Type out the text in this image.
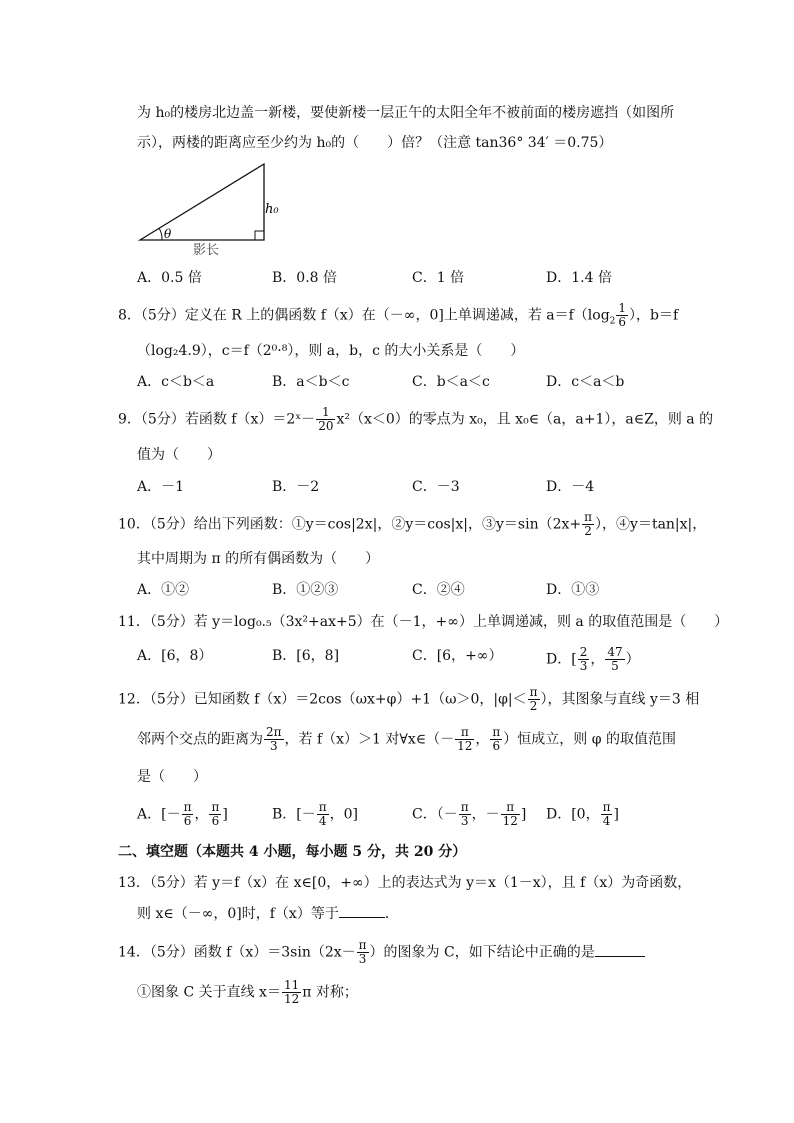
为 h₀的楼房北边盖一新楼，要使新楼一层正午的太阳全年不被前面的楼房遮挡（如图所
示），两楼的距离应至少约为 h₀的（　　）倍？（注意 tan36° 34′ ＝0.75）
θ
h₀
影长
A．0.5 倍	B．0.8 倍	C．1 倍	D．1.4 倍
8．（5分）定义在 R 上的偶函数 f（x）在（－∞，0]上单调递减，若 $a=f(\log_2 \frac{1}{6}$ ），b＝f
（log₂4.9），c＝f（2⁰·⁸），则 a，b，c 的大小关系是（　　）
A．c＜b＜a	B．a＜b＜c	C．b＜a＜c	D．c＜a＜b
9．（5分）若函数 f（x）＝2ˣ－ $\frac{1}{20} x^2(x<0)$的零点为 x₀，且 x₀∈（a，a+1），a∈Z，则 a 的
值为（　　）
A．－1	B．－2	C．－3	D．－4
10．（5分）给出下列函数：①y＝cos|2x|，②y＝cos|x|，③y＝sin（2x+ $\frac{\pi}{2}$ ），④y＝tan|x|，
其中周期为 π 的所有偶函数为（　　）
A．①②	B．①②③	C．②④	D．①③
11．（5分）若 y＝log₀.₅（3x²+ax+5）在（－1，+∞）上单调递减，则 a 的取值范围是（　　）
A．[6，8）	B．[6，8]	C．[6，+∞）	D．[ $\frac{2}{3}$ ， $\frac{47}{5}$ ）
12．（5分）已知函数 f（x）＝2cos（ωx+φ）+1（ω＞0，$|\varphi|< \frac{\pi}{2}$ ），其图象与直线 y＝3 相
邻两个交点的距离为 $\frac{2\pi}{3}$ ，若 f（x）＞1 对∀x∈（－ $\frac{\pi}{12}$ ， $\frac{\pi}{6}$ ）恒成立，则 φ 的取值范围
是（　　）
A．[－ $\frac{\pi}{6}$ ， $\frac{\pi}{6}$ ]	B．[－ $\frac{\pi}{4}$ ，0]	C．（－ $\frac{\pi}{3}$ ，－ $\frac{\pi}{12}$ ] D．[0， $\frac{\pi}{4}$ ]
二、填空题（本题共 4 小题，每小题 5 分，共 20 分）
13．（5分）若 y＝f（x）在 x∈[0，+∞）上的表达式为 y＝x（1－x），且 f（x）为奇函数，
则 x∈（－∞，0]时，f（x）等于	．
14．（5分）函数 $f(x)=3\sin(2x- \frac{\pi}{3}$ ）的图象为 C，如下结论中正确的是
①图象 C 关于直线 $x= \frac{11}{12}$ π 对称；
